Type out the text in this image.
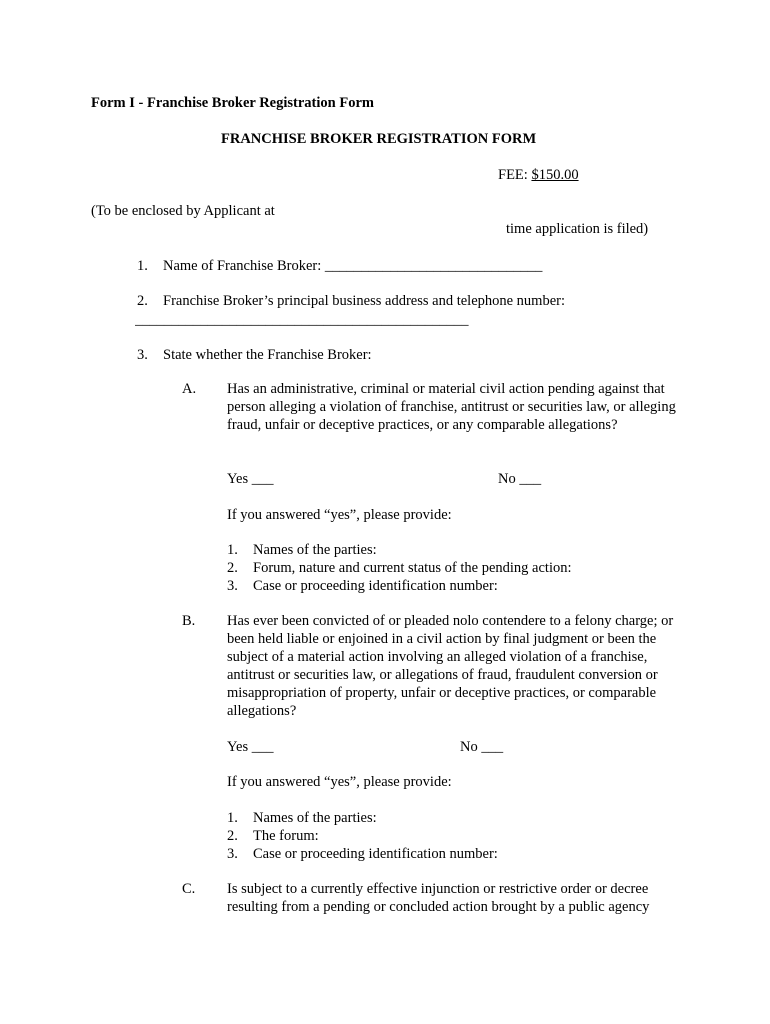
Form I - Franchise Broker Registration Form
FRANCHISE BROKER REGISTRATION FORM
FEE: $150.00
(To be enclosed by Applicant at
time application is filed)
1. Name of Franchise Broker: ______________________________
2. Franchise Broker’s principal business address and telephone number:
______________________________________________
3. State whether the Franchise Broker:
A. Has an administrative, criminal or material civil action pending against that person alleging a violation of franchise, antitrust or securities law, or alleging fraud, unfair or deceptive practices, or any comparable allegations?
Yes ___	No ___
If you answered “yes”, please provide:
1. Names of the parties:
2. Forum, nature and current status of the pending action:
3. Case or proceeding identification number:
B. Has ever been convicted of or pleaded nolo contendere to a felony charge; or been held liable or enjoined in a civil action by final judgment or been the subject of a material action involving an alleged violation of a franchise, antitrust or securities law, or allegations of fraud, fraudulent conversion or misappropriation of property, unfair or deceptive practices, or comparable allegations?
Yes ___	No ___
If you answered “yes”, please provide:
1. Names of the parties:
2. The forum:
3. Case or proceeding identification number:
C. Is subject to a currently effective injunction or restrictive order or decree resulting from a pending or concluded action brought by a public agency
